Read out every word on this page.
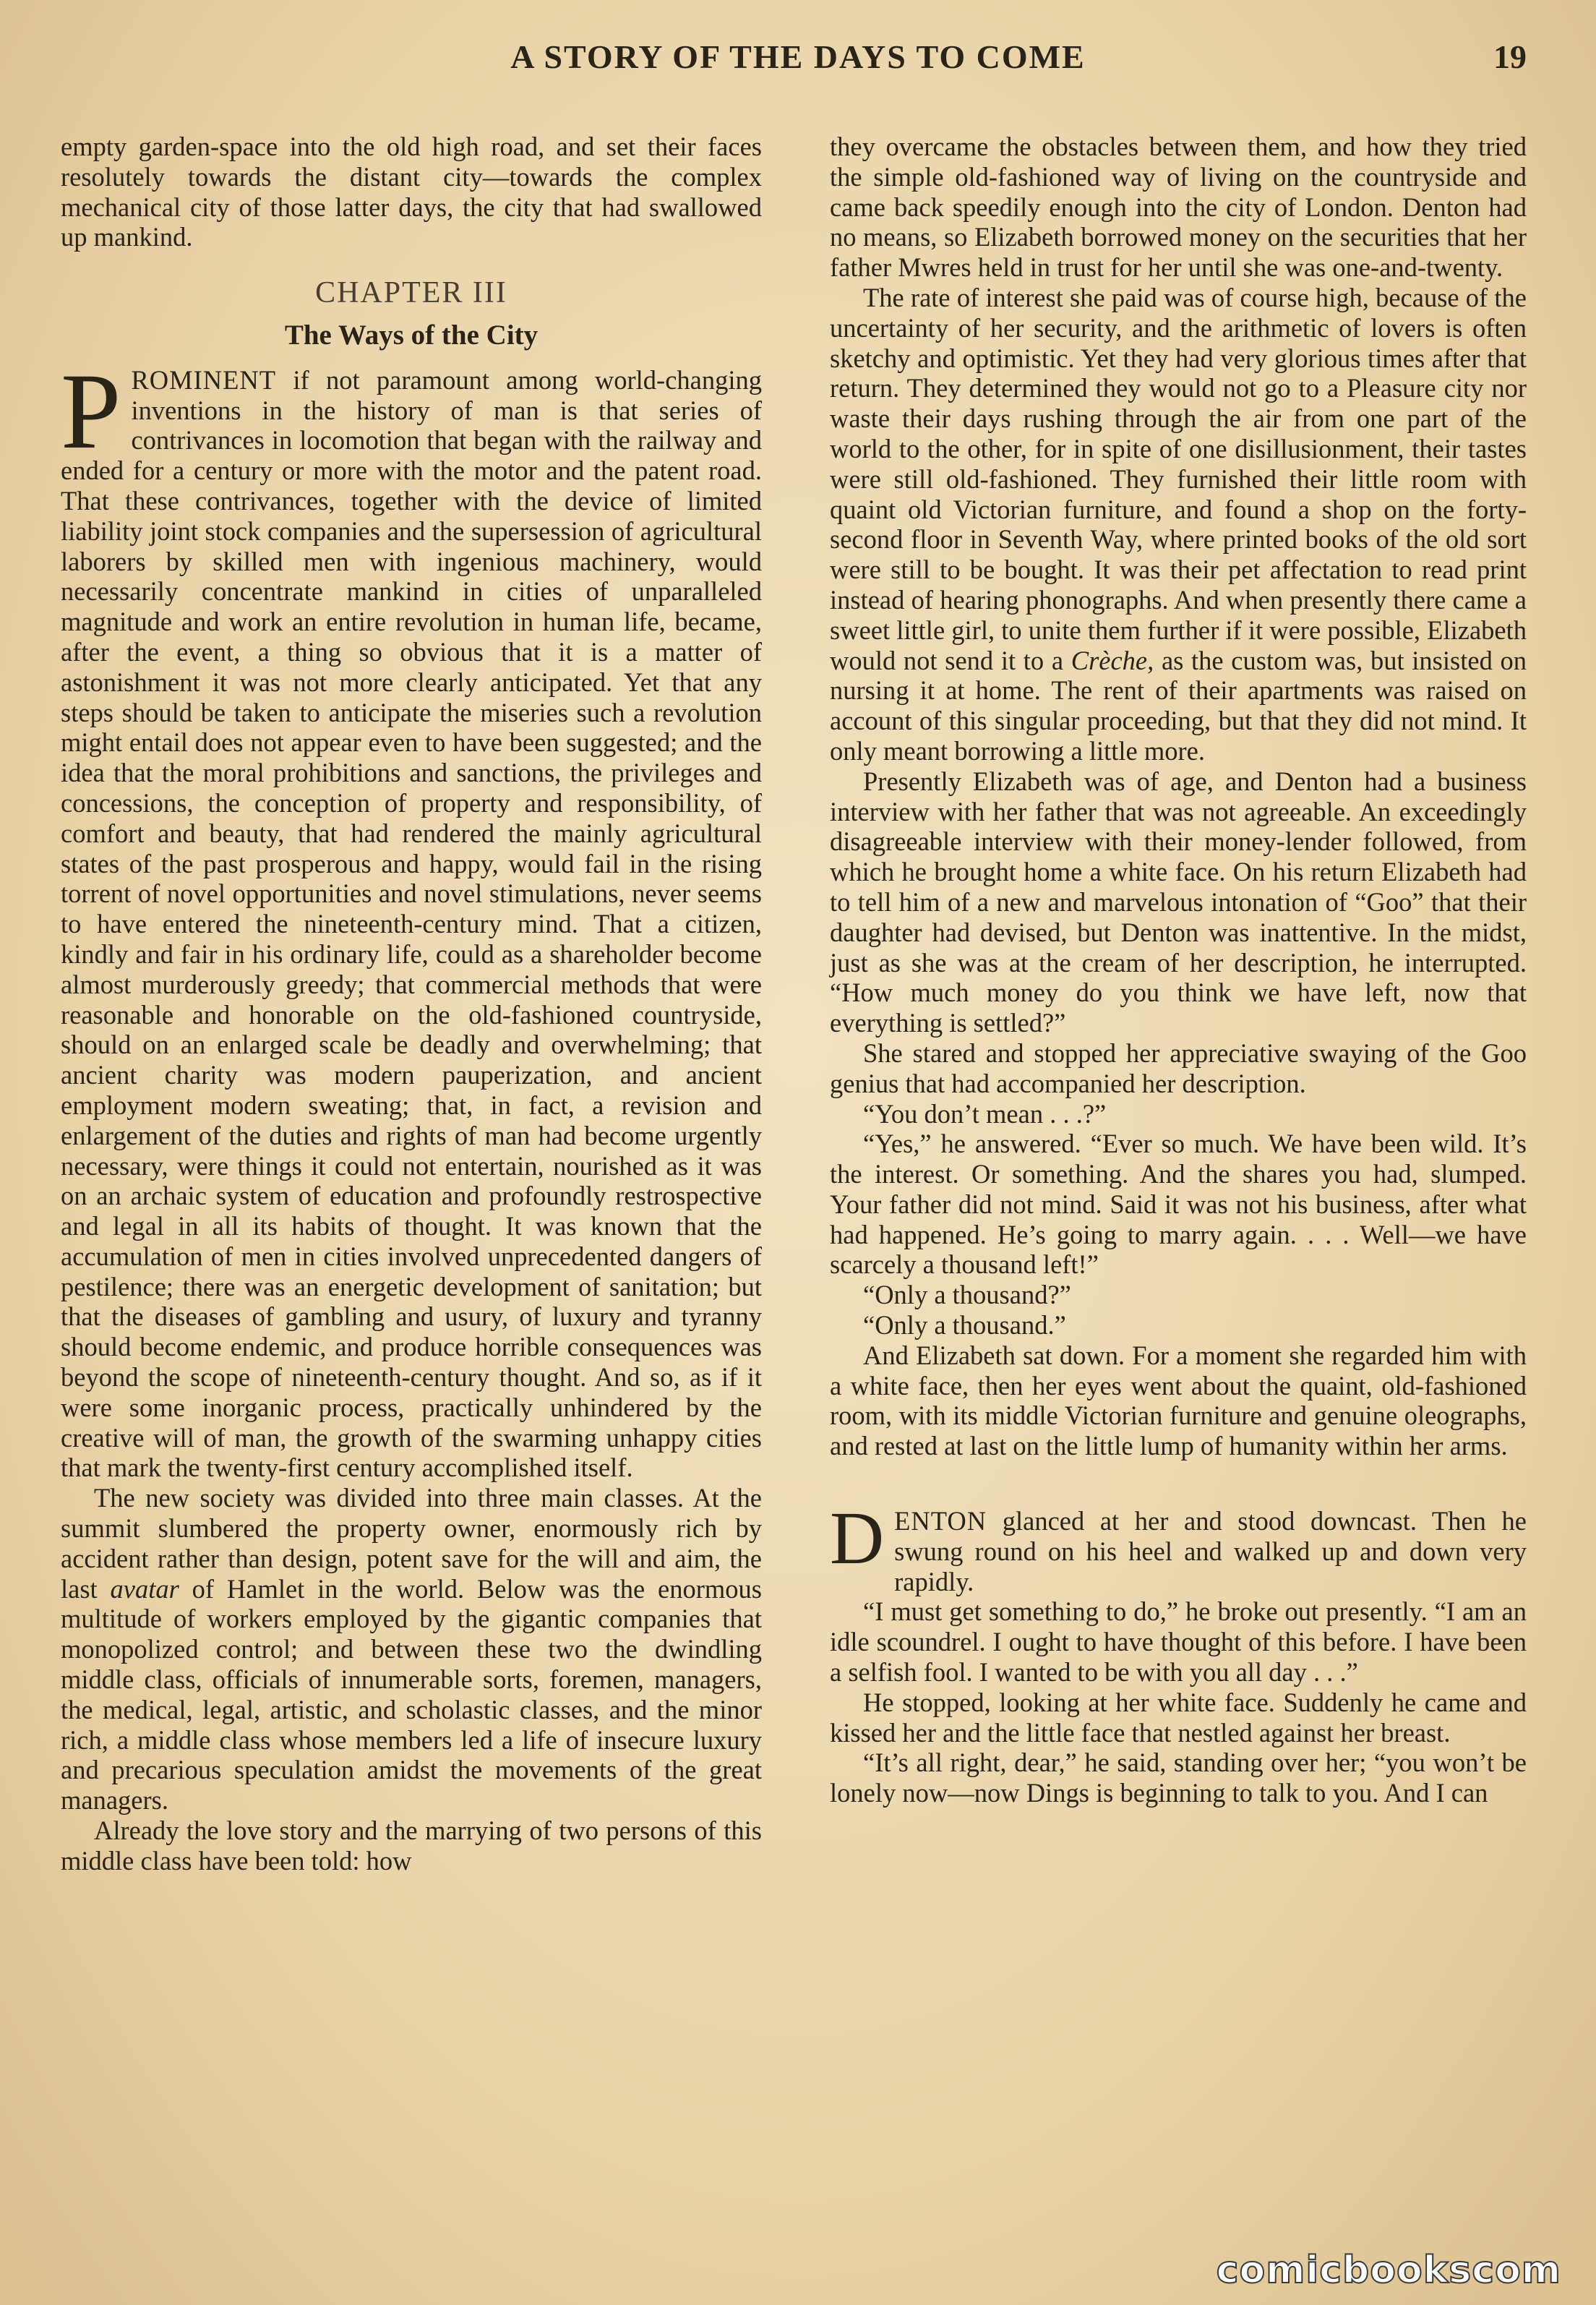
A STORY OF THE DAYS TO COME	19

empty garden-space into the old high road, and set their faces resolutely towards the distant city—towards the complex mechanical city of those latter days, the city that had swallowed up mankind.

CHAPTER III
The Ways of the City

PROMINENT if not paramount among world-changing inventions in the history of man is that series of contrivances in locomotion that began with the railway and ended for a century or more with the motor and the patent road. That these contrivances, together with the device of limited liability joint stock companies and the supersession of agricultural laborers by skilled men with ingenious machinery, would necessarily concentrate mankind in cities of unparalleled magnitude and work an entire revolution in human life, became, after the event, a thing so obvious that it is a matter of astonishment it was not more clearly anticipated. Yet that any steps should be taken to anticipate the miseries such a revolution might entail does not appear even to have been suggested; and the idea that the moral prohibitions and sanctions, the privileges and concessions, the conception of property and responsibility, of comfort and beauty, that had rendered the mainly agricultural states of the past prosperous and happy, would fail in the rising torrent of novel opportunities and novel stimulations, never seems to have entered the nineteenth-century mind. That a citizen, kindly and fair in his ordinary life, could as a shareholder become almost murderously greedy; that commercial methods that were reasonable and honorable on the old-fashioned countryside, should on an enlarged scale be deadly and overwhelming; that ancient charity was modern pauperization, and ancient employment modern sweating; that, in fact, a revision and enlargement of the duties and rights of man had become urgently necessary, were things it could not entertain, nourished as it was on an archaic system of education and profoundly restrospective and legal in all its habits of thought. It was known that the accumulation of men in cities involved unprecedented dangers of pestilence; there was an energetic development of sanitation; but that the diseases of gambling and usury, of luxury and tyranny should become endemic, and produce horrible consequences was beyond the scope of nineteenth-century thought. And so, as if it were some inorganic process, practically unhindered by the creative will of man, the growth of the swarming unhappy cities that mark the twenty-first century accomplished itself.

The new society was divided into three main classes. At the summit slumbered the property owner, enormously rich by accident rather than design, potent save for the will and aim, the last avatar of Hamlet in the world. Below was the enormous multitude of workers employed by the gigantic companies that monopolized control; and between these two the dwindling middle class, officials of innumerable sorts, foremen, managers, the medical, legal, artistic, and scholastic classes, and the minor rich, a middle class whose members led a life of insecure luxury and precarious speculation amidst the movements of the great managers.

Already the love story and the marrying of two persons of this middle class have been told: how

they overcame the obstacles between them, and how they tried the simple old-fashioned way of living on the countryside and came back speedily enough into the city of London. Denton had no means, so Elizabeth borrowed money on the securities that her father Mwres held in trust for her until she was one-and-twenty.

The rate of interest she paid was of course high, because of the uncertainty of her security, and the arithmetic of lovers is often sketchy and optimistic. Yet they had very glorious times after that return. They determined they would not go to a Pleasure city nor waste their days rushing through the air from one part of the world to the other, for in spite of one disillusionment, their tastes were still old-fashioned. They furnished their little room with quaint old Victorian furniture, and found a shop on the forty-second floor in Seventh Way, where printed books of the old sort were still to be bought. It was their pet affectation to read print instead of hearing phonographs. And when presently there came a sweet little girl, to unite them further if it were possible, Elizabeth would not send it to a Crèche, as the custom was, but insisted on nursing it at home. The rent of their apartments was raised on account of this singular proceeding, but that they did not mind. It only meant borrowing a little more.

Presently Elizabeth was of age, and Denton had a business interview with her father that was not agreeable. An exceedingly disagreeable interview with their money-lender followed, from which he brought home a white face. On his return Elizabeth had to tell him of a new and marvelous intonation of “Goo” that their daughter had devised, but Denton was inattentive. In the midst, just as she was at the cream of her description, he interrupted. “How much money do you think we have left, now that everything is settled?”

She stared and stopped her appreciative swaying of the Goo genius that had accompanied her description.

“You don’t mean . . .?”

“Yes,” he answered. “Ever so much. We have been wild. It’s the interest. Or something. And the shares you had, slumped. Your father did not mind. Said it was not his business, after what had happened. He’s going to marry again. . . . Well—we have scarcely a thousand left!”

“Only a thousand?”

“Only a thousand.”

And Elizabeth sat down. For a moment she regarded him with a white face, then her eyes went about the quaint, old-fashioned room, with its middle Victorian furniture and genuine oleographs, and rested at last on the little lump of humanity within her arms.

DENTON glanced at her and stood downcast. Then he swung round on his heel and walked up and down very rapidly.

“I must get something to do,” he broke out presently. “I am an idle scoundrel. I ought to have thought of this before. I have been a selfish fool. I wanted to be with you all day . . .”

He stopped, looking at her white face. Suddenly he came and kissed her and the little face that nestled against her breast.

“It’s all right, dear,” he said, standing over her; “you won’t be lonely now—now Dings is beginning to talk to you. And I can

comicbookscom
